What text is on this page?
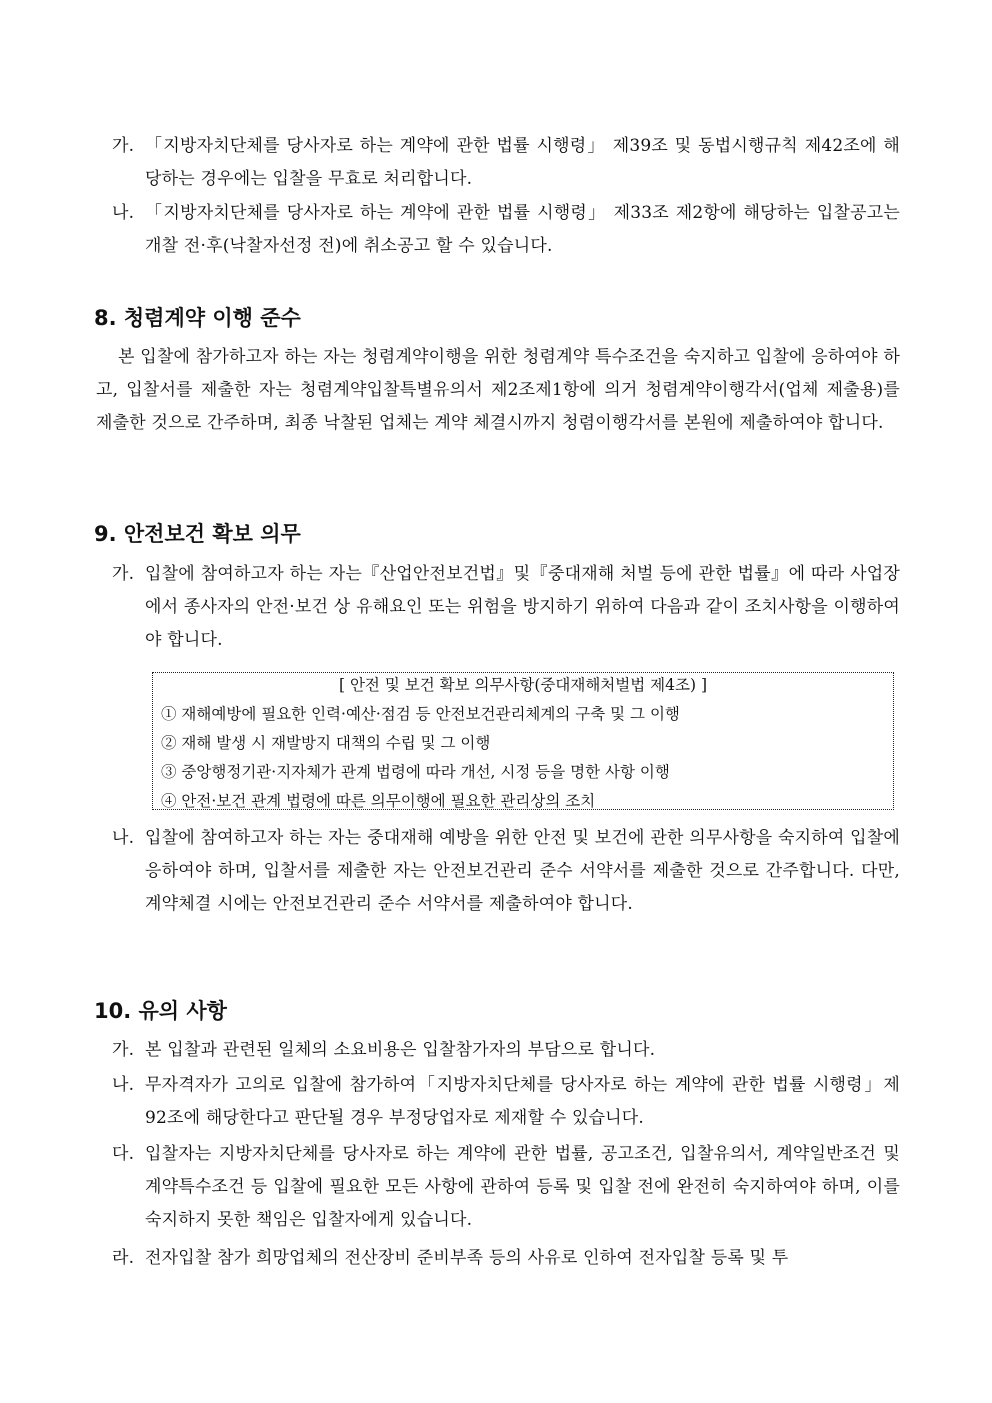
가. 「지방자치단체를 당사자로 하는 계약에 관한 법률 시행령」 제39조 및 동법시행규칙 제42조에 해당하는 경우에는 입찰을 무효로 처리합니다.
나. 「지방자치단체를 당사자로 하는 계약에 관한 법률 시행령」 제33조 제2항에 해당하는 입찰공고는 개찰 전·후(낙찰자선정 전)에 취소공고 할 수 있습니다.
8. 청렴계약 이행 준수
본 입찰에 참가하고자 하는 자는 청렴계약이행을 위한 청렴계약 특수조건을 숙지하고 입찰에 응하여야 하고, 입찰서를 제출한 자는 청렴계약입찰특별유의서 제2조제1항에 의거 청렴계약이행각서(업체 제출용)를 제출한 것으로 간주하며, 최종 낙찰된 업체는 계약 체결시까지 청렴이행각서를 본원에 제출하여야 합니다.
9. 안전보건 확보 의무
가. 입찰에 참여하고자 하는 자는『산업안전보건법』및『중대재해 처벌 등에 관한 법률』에 따라 사업장에서 종사자의 안전·보건 상 유해요인 또는 위험을 방지하기 위하여 다음과 같이 조치사항을 이행하여야 합니다.
[ 안전 및 보건 확보 의무사항(중대재해처벌법 제4조) ]
① 재해예방에 필요한 인력·예산·점검 등 안전보건관리체계의 구축 및 그 이행
② 재해 발생 시 재발방지 대책의 수립 및 그 이행
③ 중앙행정기관·지자체가 관계 법령에 따라 개선, 시정 등을 명한 사항 이행
④ 안전·보건 관계 법령에 따른 의무이행에 필요한 관리상의 조치
나. 입찰에 참여하고자 하는 자는 중대재해 예방을 위한 안전 및 보건에 관한 의무사항을 숙지하여 입찰에 응하여야 하며, 입찰서를 제출한 자는 안전보건관리 준수 서약서를 제출한 것으로 간주합니다. 다만, 계약체결 시에는 안전보건관리 준수 서약서를 제출하여야 합니다.
10. 유의 사항
가. 본 입찰과 관련된 일체의 소요비용은 입찰참가자의 부담으로 합니다.
나. 무자격자가 고의로 입찰에 참가하여「지방자치단체를 당사자로 하는 계약에 관한 법률 시행령」제92조에 해당한다고 판단될 경우 부정당업자로 제재할 수 있습니다.
다. 입찰자는 지방자치단체를 당사자로 하는 계약에 관한 법률, 공고조건, 입찰유의서, 계약일반조건 및 계약특수조건 등 입찰에 필요한 모든 사항에 관하여 등록 및 입찰 전에 완전히 숙지하여야 하며, 이를 숙지하지 못한 책임은 입찰자에게 있습니다.
라. 전자입찰 참가 희망업체의 전산장비 준비부족 등의 사유로 인하여 전자입찰 등록 및 투
